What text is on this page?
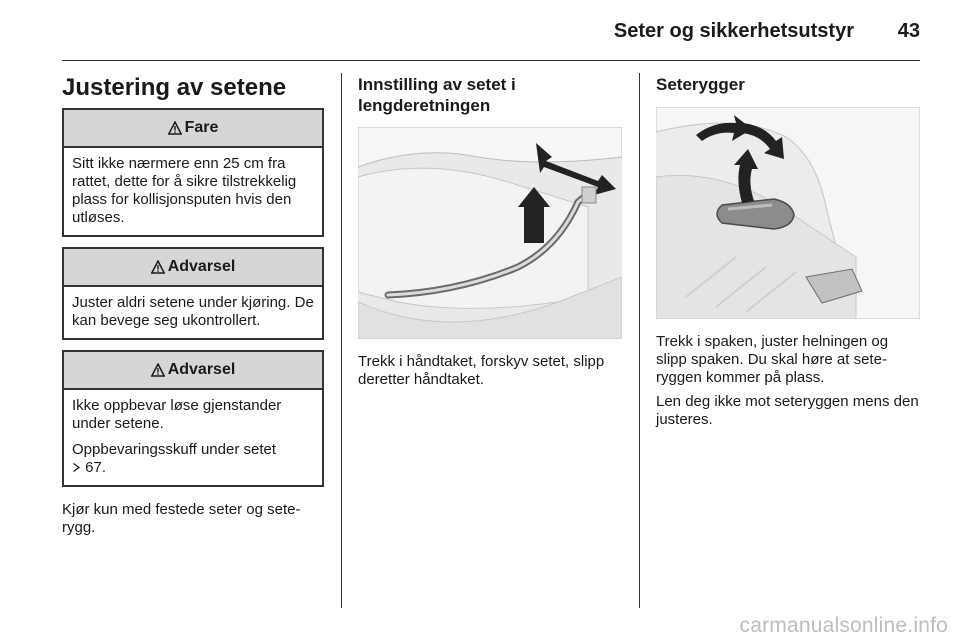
Seter og sikkerhetsutstyr 43
Justering av setene
Fare

Sitt ikke nærmere enn 25 cm fra rattet, dette for å sikre tilstrekkelig plass for kollisjonsputen hvis den utløses.

Advarsel

Juster aldri setene under kjøring. De kan bevege seg ukontrollert.

Advarsel

Ikke oppbevar løse gjenstander under setene.

Oppbevaringsskuff under setet
67.

Kjør kun med festede seter og sete-rygg.

Innstilling av setet i
lengderetningen

Trekk i håndtaket, forskyv setet, slipp deretter håndtaket.

Seterygger

Trekk i spaken, juster helningen og slipp spaken. Du skal høre at sete-ryggen kommer på plass.

Len deg ikke mot seteryggen mens den justeres.

carmanualsonline.info
